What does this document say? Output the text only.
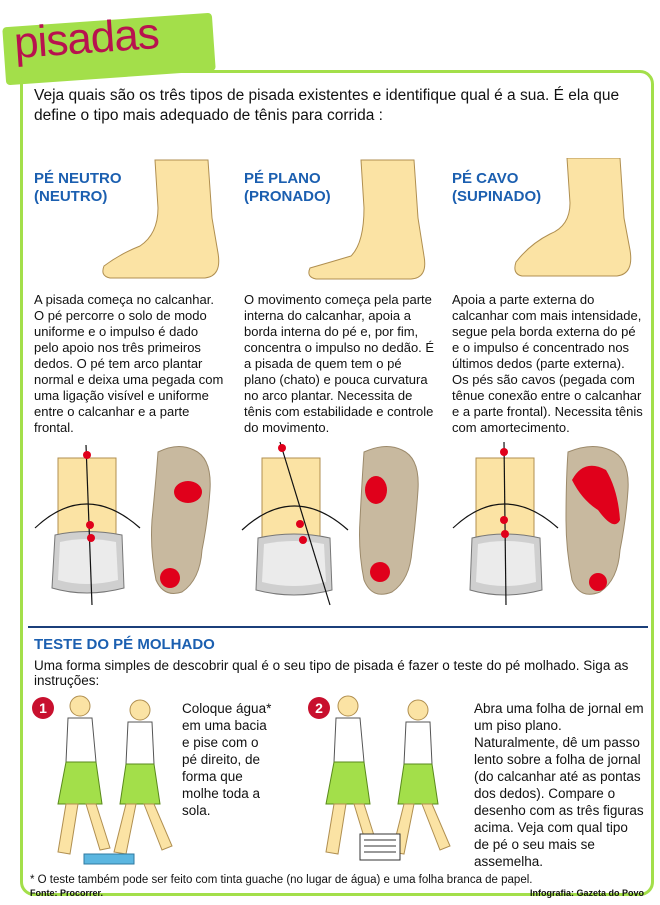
pisadas
Veja quais são os três tipos de pisada existentes e identifique qual é a sua. É ela que define o tipo mais adequado de tênis para corrida :
PÉ NEUTRO
(NEUTRO)
PÉ PLANO
(PRONADO)
PÉ CAVO
(SUPINADO)
A pisada começa no calcanhar. O pé percorre o solo de modo uniforme e o impulso é dado pelo apoio nos três primeiros dedos. O pé tem arco plantar normal e deixa uma pegada com uma ligação visível e uniforme entre o calcanhar e a parte frontal.
O movimento começa pela parte interna do calcanhar, apoia a borda interna do pé e, por fim, concentra o impulso no dedão. É a pisada de quem tem o pé plano (chato) e pouca curvatura no arco plantar. Necessita de tênis com estabilidade e controle do movimento.
Apoia a parte externa do calcanhar com mais intensidade, segue pela borda externa do pé e o impulso é concentrado nos últimos dedos (parte externa). Os pés são cavos (pegada com tênue conexão entre o calcanhar e a parte frontal). Necessita tênis com amortecimento.
TESTE DO PÉ MOLHADO
Uma forma simples de descobrir qual é o seu tipo de pisada é fazer o teste do pé molhado. Siga as instruções:
1	Coloque água* em uma bacia e pise com o pé direito, de forma que molhe toda a sola.
2	Abra uma folha de jornal em um piso plano. Naturalmente, dê um passo lento sobre a folha de jornal (do calcanhar até as pontas dos dedos). Compare o desenho com as três figuras acima. Veja com qual tipo de pé o seu mais se assemelha.
* O teste também pode ser feito com tinta guache (no lugar de água) e uma folha branca de papel.
Fonte: Procorrer.	Infografia: Gazeta do Povo
